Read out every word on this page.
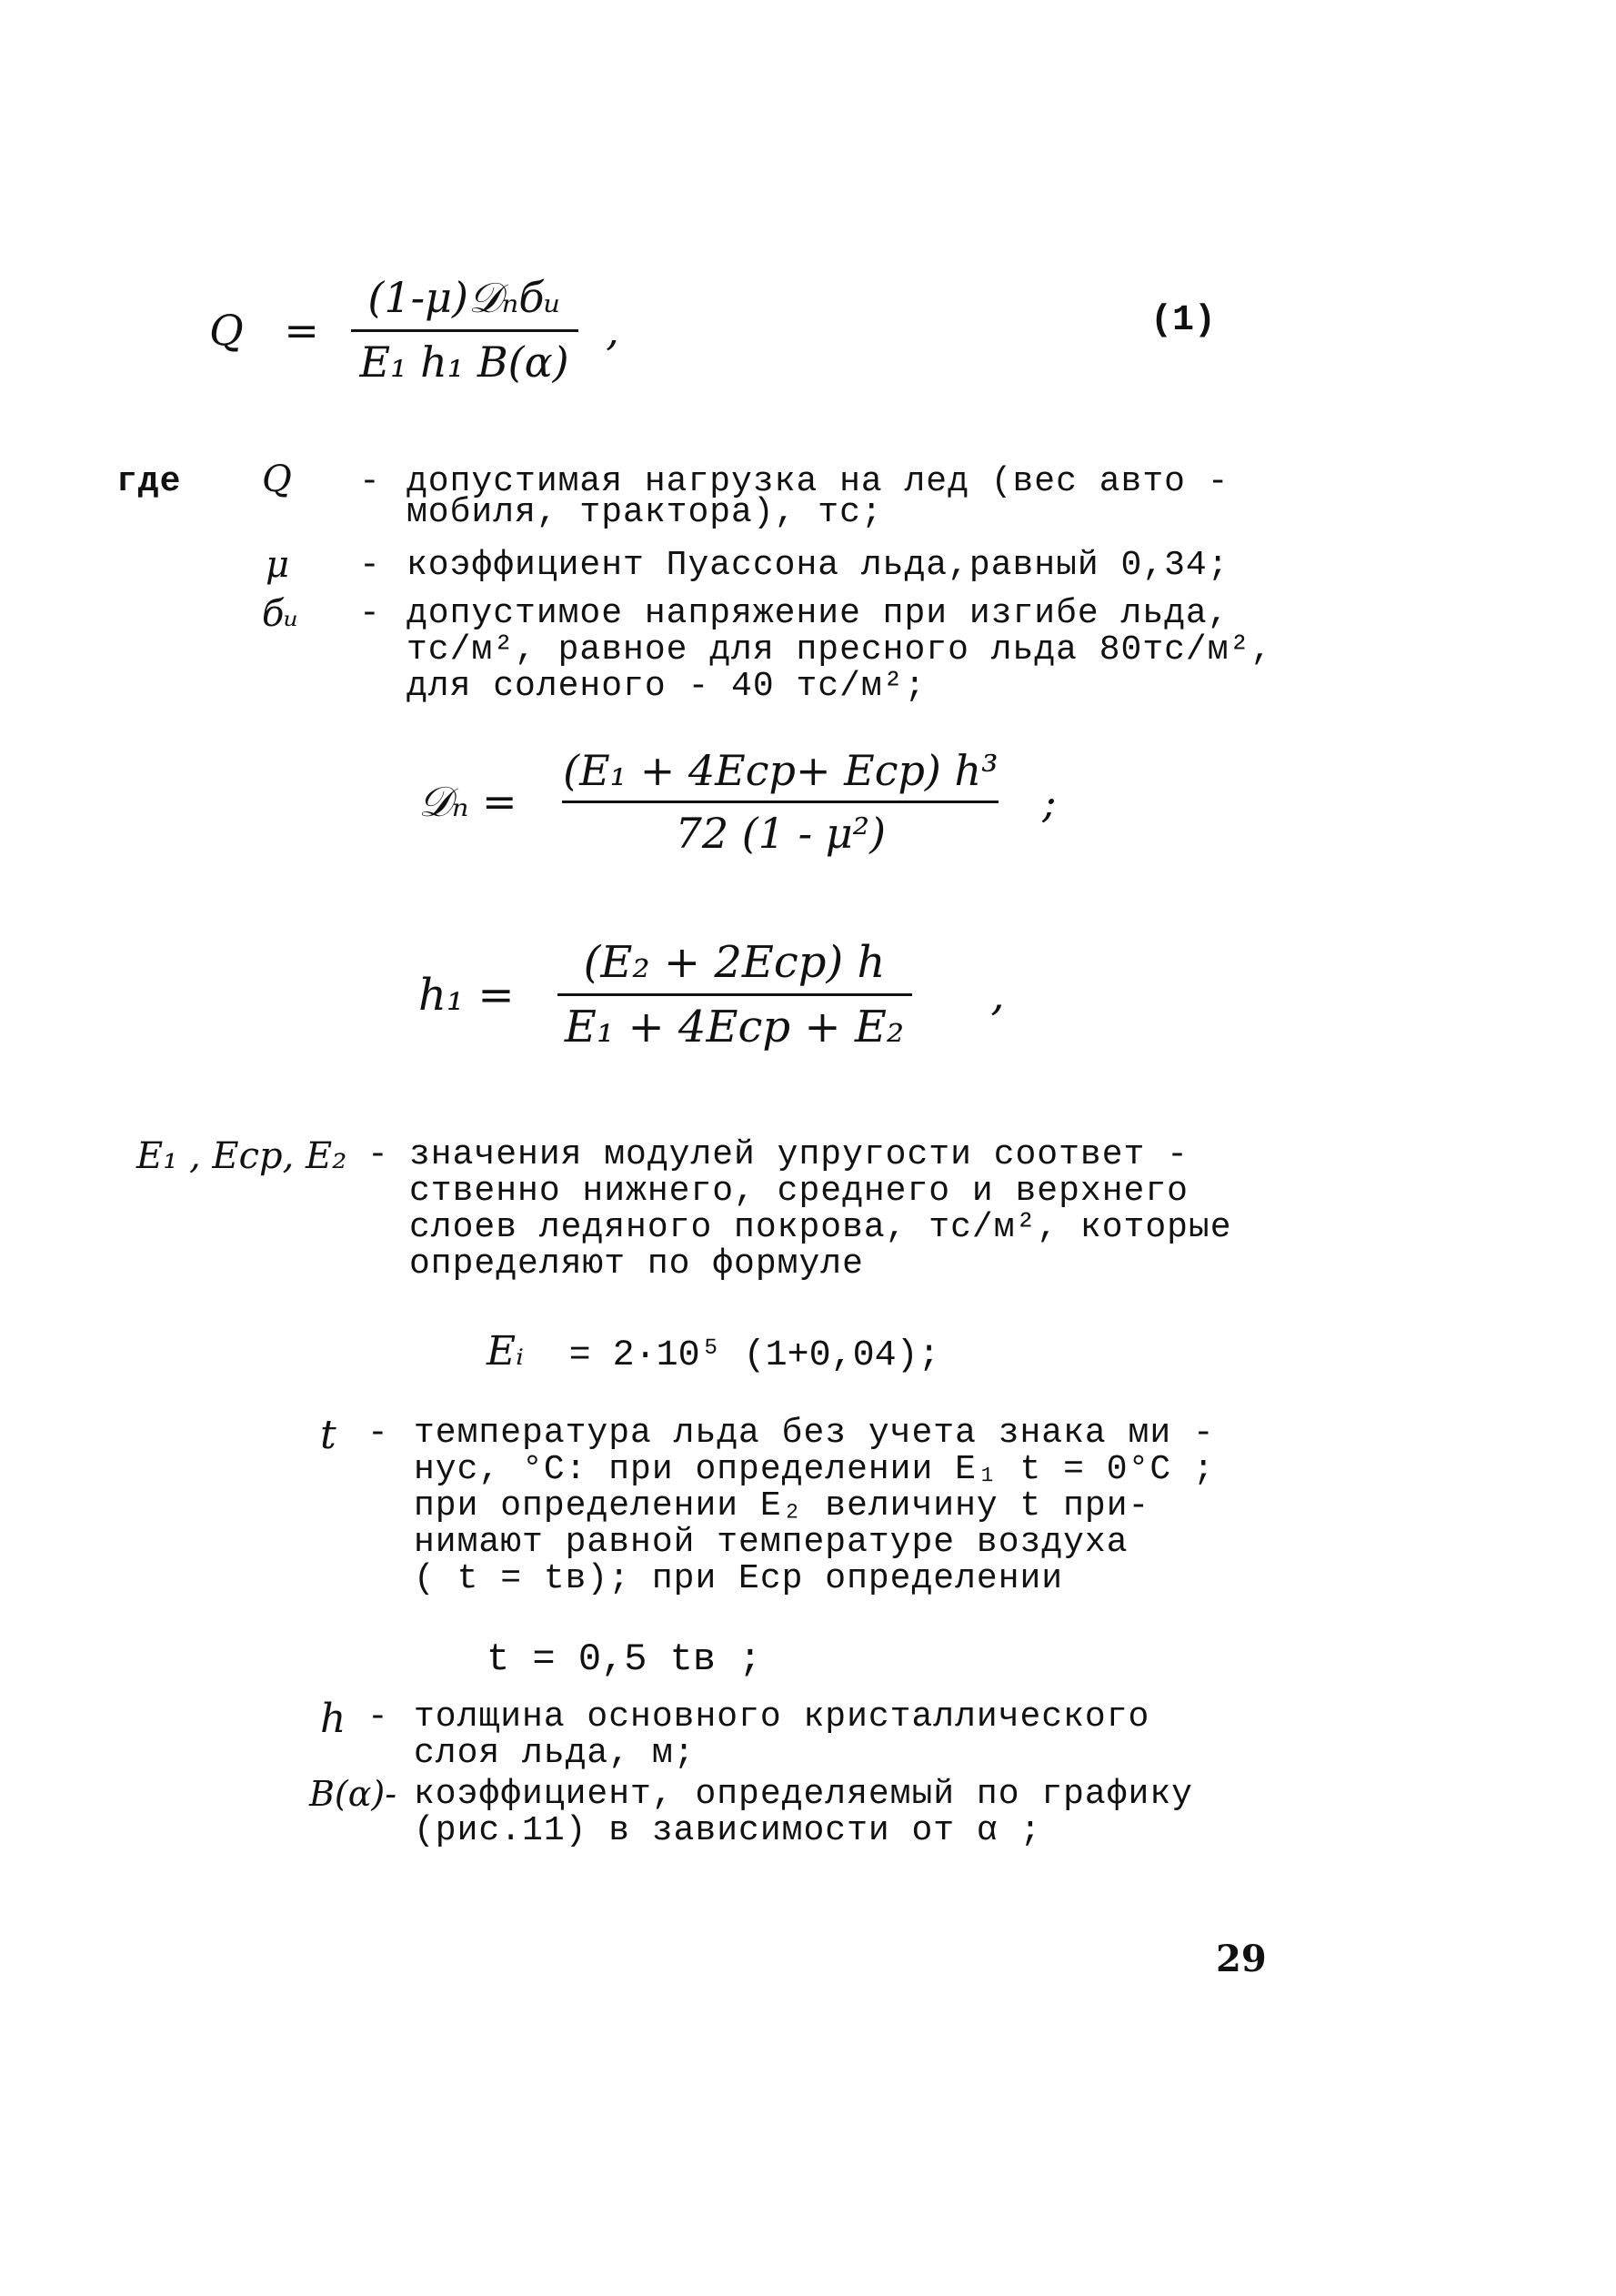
$Q = \frac{\text{(1-μ)𝒟ₙбᵤ}}{\text{E₁ h₁ B(α)}}$ ,	(1)
где Q - допустимая нагрузка на лед (вес авто -
мобиля, трактора), тс;
μ - коэффициент Пуассона льда,равный 0,34;
бᵤ - допустимое напряжение при изгибе льда,
тс/м², равное для пресного льда 80тс/м²,
для соленого - 40 тс/м²;
𝒟ₙ = $\frac{\text{(E₁ + 4Eср+ Eср) h³}}{\text{72 (1 - μ²)}}$ ;
$h_1 = \frac{\text{(E₂ + 2Eср) h}}{\text{E₁ + 4Eср + E₂}}$ ,
E₁ , Eср, E₂ - значения модулей упругости соответ -
ственно нижнего, среднего и верхнего
слоев ледяного покрова, тс/м², которые
определяют по формуле
Eᵢ = 2·10⁵ (1+0,04);
t - температура льда без учета знака ми -
нус, °С: при определении E₁ t = 0°С ;
при определении E₂ величину t при-
нимают равной температуре воздуха
( t = tв); при Eср определении
t = 0,5 tв ;
h - толщина основного кристаллического
слоя льда, м;
B(α)- коэффициент, определяемый по графику
(рис.11) в зависимости от α ;
29
